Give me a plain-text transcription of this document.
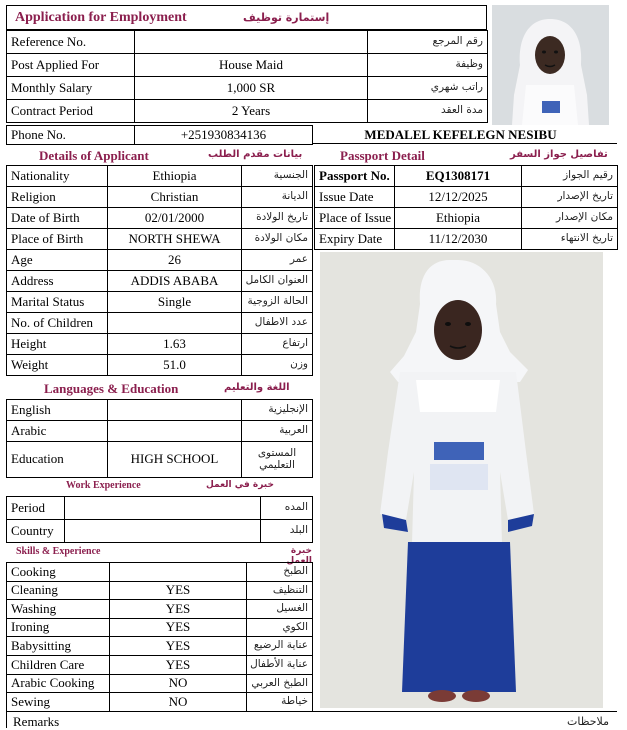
Application for Employment	إستمارة توظيف
Reference No.		رقم المرجع
Post Applied For	House Maid	وظيفة
Monthly Salary	1,000 SR	راتب شهري
Contract Period	2 Years	مدة العقد
Phone No.	+251930834136	MEDALEL KEFELEGN NESIBU
Details of Applicant	بيانات مقدم الطلب
Nationality	Ethiopia	الجنسية
Religion	Christian	الديانة
Date of Birth	02/01/2000	تاريخ الولادة
Place of Birth	NORTH SHEWA	مكان الولادة
Age	26	عمر
Address	ADDIS ABABA	العنوان الكامل
Marital Status	Single	الحالة الزوجية
No. of Children		عدد الاطفال
Height	1.63	ارتفاع
Weight	51.0	وزن
Languages & Education	اللغة والتعليم
English		الإنجليزية
Arabic		العربية
Education	HIGH SCHOOL	المستوى التعليمي
Work Experience	خبرة في العمل
Period		المده
Country		البلد
Skills & Experience	خبرة العمل
Cooking		الطبخ
Cleaning	YES	التنظيف
Washing	YES	الغسيل
Ironing	YES	الكوي
Babysitting	YES	عناية الرضيع
Children Care	YES	عناية الأطفال
Arabic Cooking	NO	الطبخ العربي
Sewing	NO	خياطة
Remarks	ملاحظات
Passport Detail	تفاصيل جواز السفر
Passport No.	EQ1308171	رقيم الجواز
Issue Date	12/12/2025	تاريخ الإصدار
Place of Issue	Ethiopia	مكان الإصدار
Expiry Date	11/12/2030	تاريخ الانتهاء
